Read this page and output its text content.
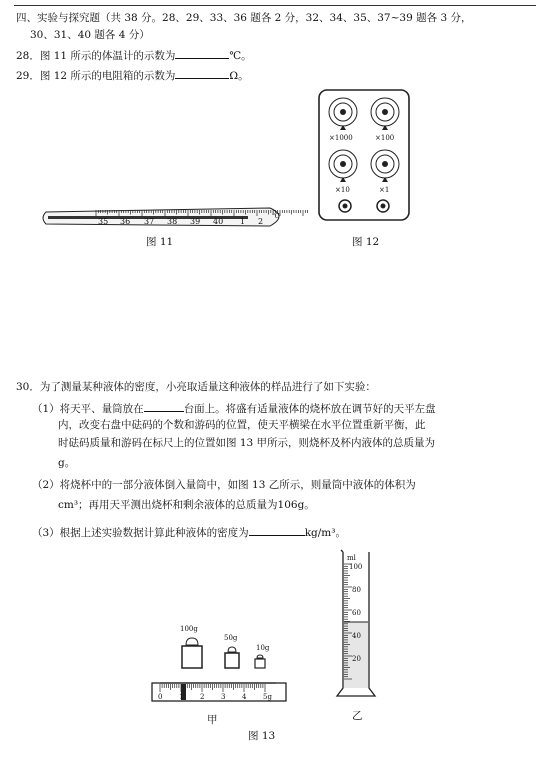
四、实验与探究题（共 38 分。28、29、33、36 题各 2 分，32、34、35、37~39 题各 3 分，
30、31、40 题各 4 分）
28．图 11 所示的体温计的示数为	℃。
29．图 12 所示的电阻箱的示数为	Ω。
35 36 37 38 39 40 1 2
℃
图 11
×1000	×100
×10	×1
图 12
30．为了测量某种液体的密度，小亮取适量这种液体的样品进行了如下实验：
（1）将天平、量筒放在	台面上。将盛有适量液体的烧杯放在调节好的天平左盘
内，改变右盘中砝码的个数和游码的位置，使天平横梁在水平位置重新平衡，此
时砝码质量和游码在标尺上的位置如图 13 甲所示，则烧杯及杯内液体的总质量为
g。
（2）将烧杯中的一部分液体倒入量筒中，如图 13 乙所示，则量筒中液体的体积为
cm³；再用天平测出烧杯和剩余液体的总质量为106g。
（3）根据上述实验数据计算此种液体的密度为	kg/m³。
100g
50g
10g
0 1 2 3 4 5g
甲
ml
100
80
60
40
20
乙
图 13
